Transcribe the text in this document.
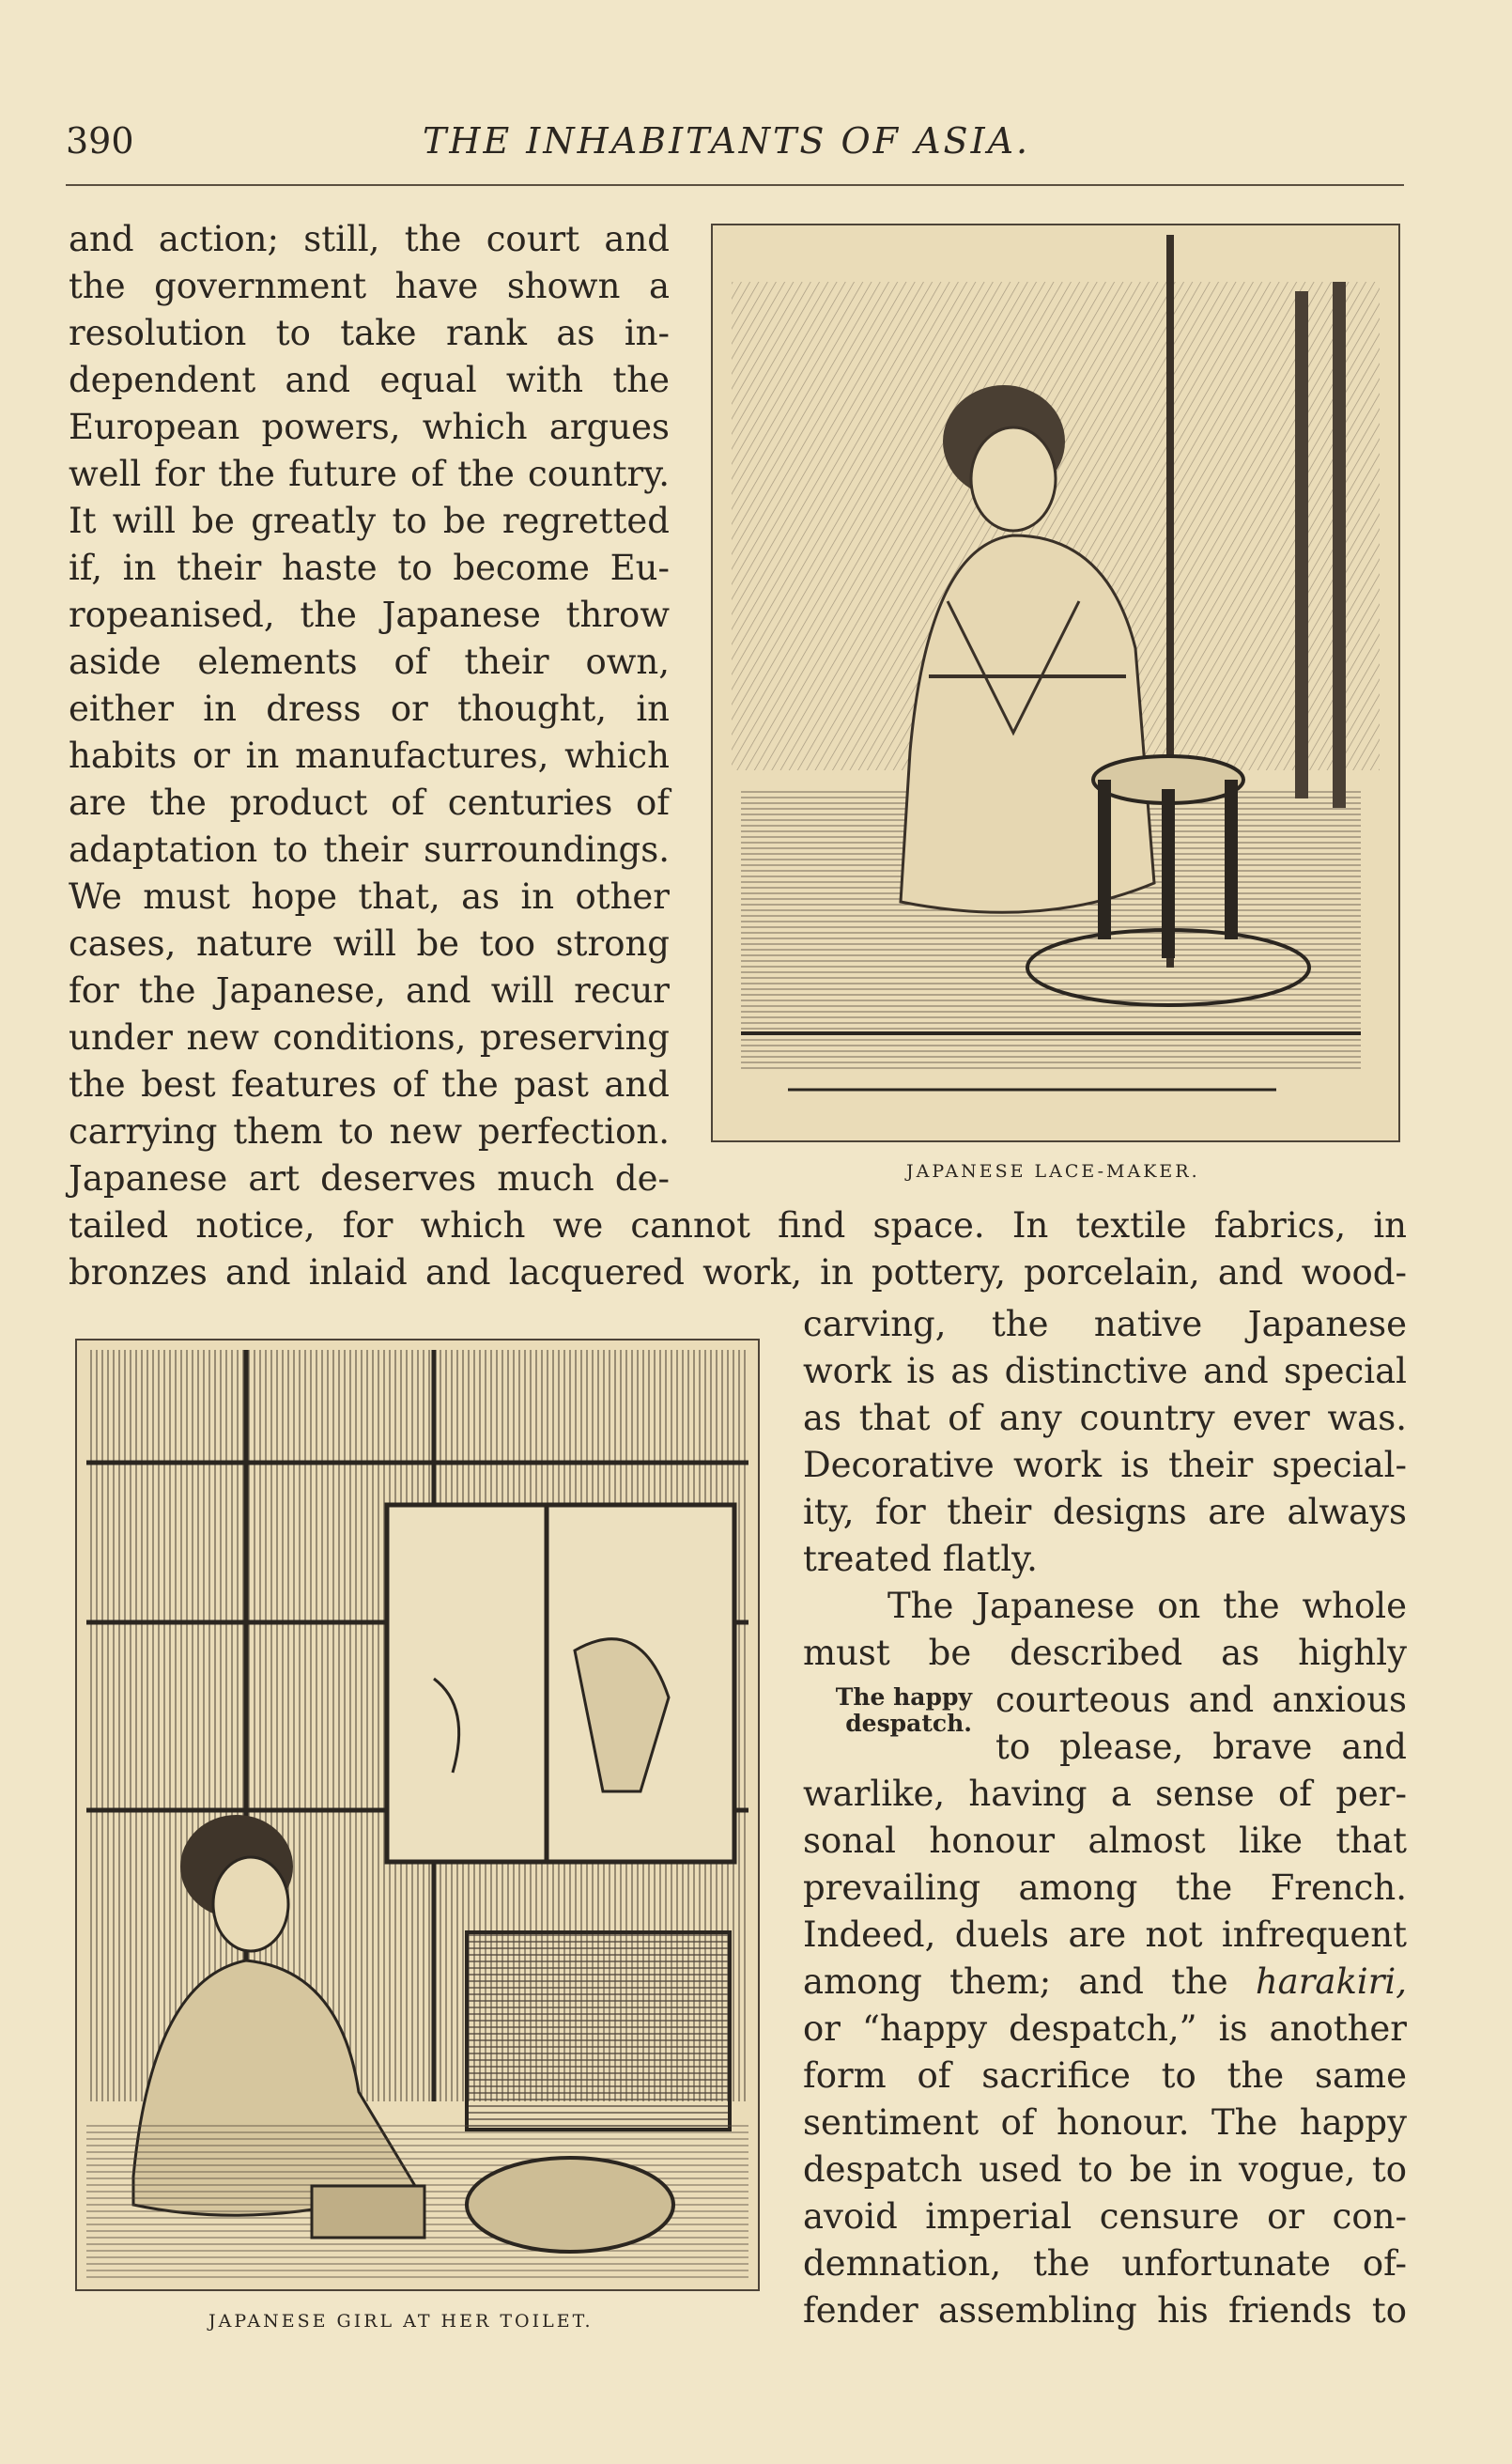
390	THE INHABITANTS OF ASIA.
JAPANESE LACE-MAKER.
and action; still, the court and
the government have shown a
resolution to take rank as in-
dependent and equal with the
European powers, which argues
well for the future of the country.
It will be greatly to be regretted
if, in their haste to become Eu-
ropeanised, the Japanese throw
aside elements of their own,
either in dress or thought, in
habits or in manufactures, which
are the product of centuries of
adaptation to their surroundings.
We must hope that, as in other
cases, nature will be too strong
for the Japanese, and will recur
under new conditions, preserving
the best features of the past and
carrying them to new perfection.
Japanese art deserves much de-
tailed notice, for which we cannot find space. In textile fabrics, in
bronzes and inlaid and lacquered work, in pottery, porcelain, and wood-
JAPANESE GIRL AT HER TOILET.
carving, the native Japanese
work is as distinctive and special
as that of any country ever was.
Decorative work is their special-
ity, for their designs are always
treated flatly.
The Japanese on the whole
must be described as highly
The happy
despatch.
courteous and anxious
to please, brave and
warlike, having a sense of per-
sonal honour almost like that
prevailing among the French.
Indeed, duels are not infrequent
among them; and the harakiri,
or “happy despatch,” is another
form of sacrifice to the same
sentiment of honour. The happy
despatch used to be in vogue, to
avoid imperial censure or con-
demnation, the unfortunate of-
fender assembling his friends to
